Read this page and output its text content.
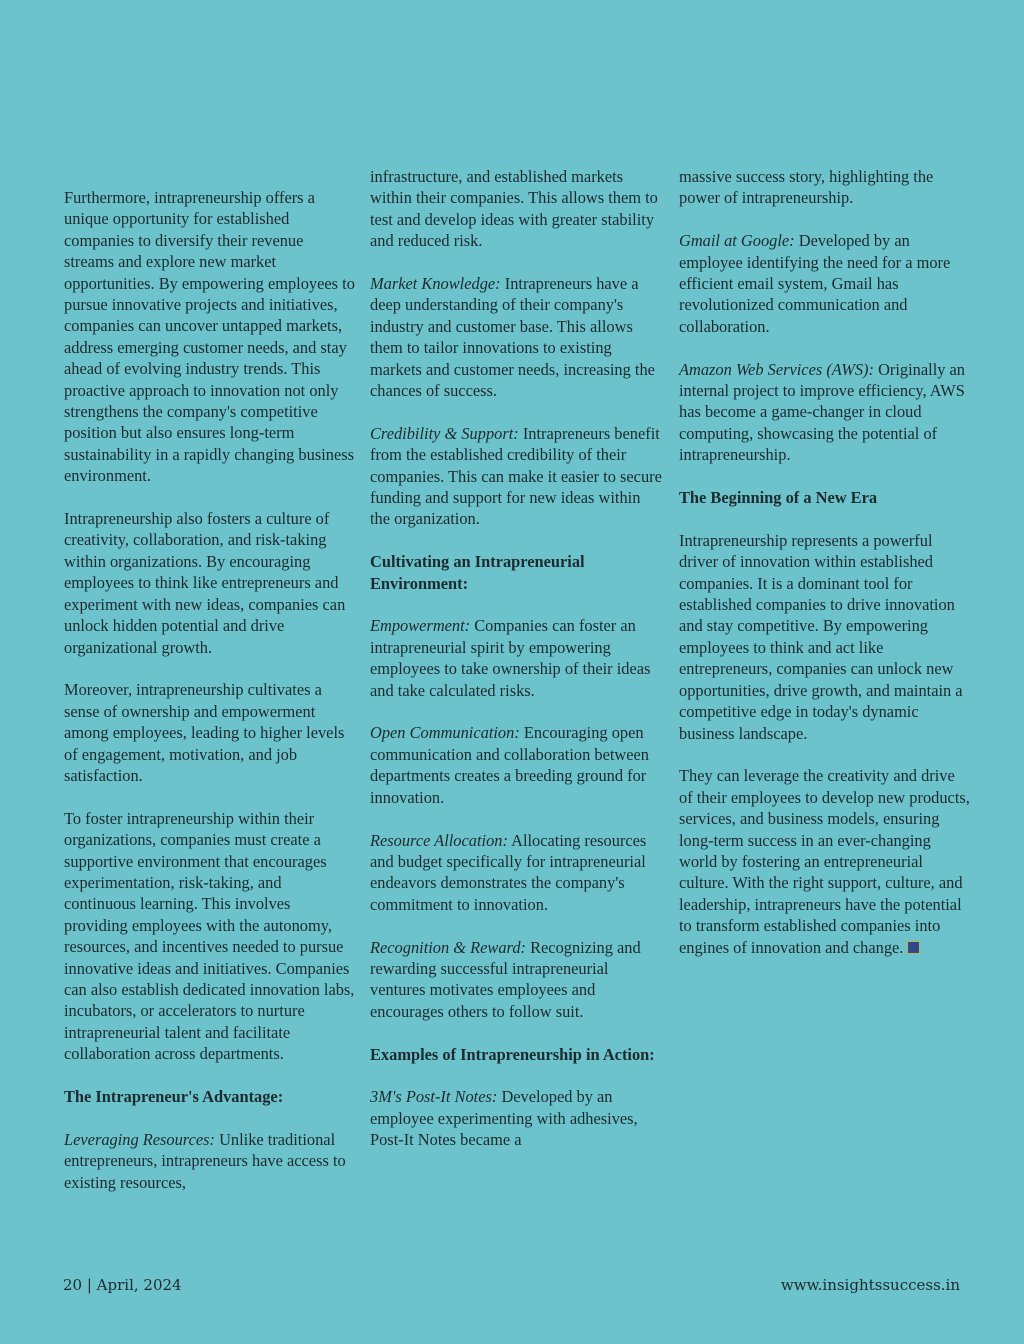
Furthermore, intrapreneurship offers a unique opportunity for established companies to diversify their revenue streams and explore new market opportunities. By empowering employees to pursue innovative projects and initiatives, companies can uncover untapped markets, address emerging customer needs, and stay ahead of evolving industry trends. This proactive approach to innovation not only strengthens the company's competitive position but also ensures long-term sustainability in a rapidly changing business environment.

Intrapreneurship also fosters a culture of creativity, collaboration, and risk-taking within organizations. By encouraging employees to think like entrepreneurs and experiment with new ideas, companies can unlock hidden potential and drive organizational growth.

Moreover, intrapreneurship cultivates a sense of ownership and empowerment among employees, leading to higher levels of engagement, motivation, and job satisfaction.

To foster intrapreneurship within their organizations, companies must create a supportive environment that encourages experimentation, risk-taking, and continuous learning. This involves providing employees with the autonomy, resources, and incentives needed to pursue innovative ideas and initiatives. Companies can also establish dedicated innovation labs, incubators, or accelerators to nurture intrapreneurial talent and facilitate collaboration across departments.

The Intrapreneur's Advantage:

Leveraging Resources: Unlike traditional entrepreneurs, intrapreneurs have access to existing resources,

infrastructure, and established markets within their companies. This allows them to test and develop ideas with greater stability and reduced risk.

Market Knowledge: Intrapreneurs have a deep understanding of their company's industry and customer base. This allows them to tailor innovations to existing markets and customer needs, increasing the chances of success.

Credibility & Support: Intrapreneurs benefit from the established credibility of their companies. This can make it easier to secure funding and support for new ideas within the organization.

Cultivating an Intrapreneurial Environment:

Empowerment: Companies can foster an intrapreneurial spirit by empowering employees to take ownership of their ideas and take calculated risks.

Open Communication: Encouraging open communication and collaboration between departments creates a breeding ground for innovation.

Resource Allocation: Allocating resources and budget specifically for intrapreneurial endeavors demonstrates the company's commitment to innovation.

Recognition & Reward: Recognizing and rewarding successful intrapreneurial ventures motivates employees and encourages others to follow suit.

Examples of Intrapreneurship in Action:

3M's Post-It Notes: Developed by an employee experimenting with adhesives, Post-It Notes became a

massive success story, highlighting the power of intrapreneurship.

Gmail at Google: Developed by an employee identifying the need for a more efficient email system, Gmail has revolutionized communication and collaboration.

Amazon Web Services (AWS): Originally an internal project to improve efficiency, AWS has become a game-changer in cloud computing, showcasing the potential of intrapreneurship.

The Beginning of a New Era

Intrapreneurship represents a powerful driver of innovation within established companies. It is a dominant tool for established companies to drive innovation and stay competitive. By empowering employees to think and act like entrepreneurs, companies can unlock new opportunities, drive growth, and maintain a competitive edge in today's dynamic business landscape.

They can leverage the creativity and drive of their employees to develop new products, services, and business models, ensuring long-term success in an ever-changing world by fostering an entrepreneurial culture. With the right support, culture, and leadership, intrapreneurs have the potential to transform established companies into engines of innovation and change.

20 | April, 2024	www.insightssuccess.in
